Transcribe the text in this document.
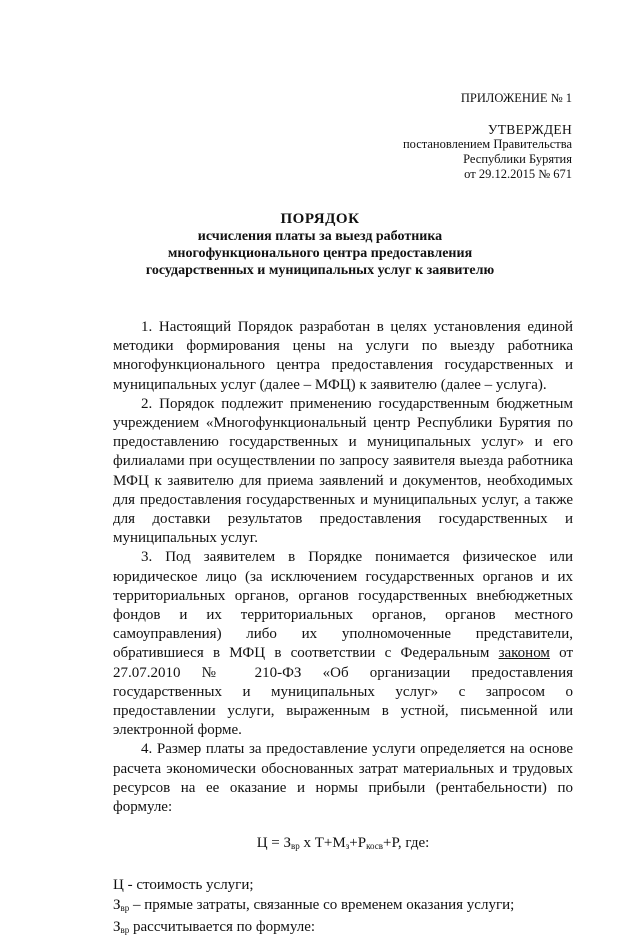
ПРИЛОЖЕНИЕ № 1
УТВЕРЖДЕН
постановлением Правительства
Республики Бурятия
от 29.12.2015 № 671
ПОРЯДОК
исчисления платы за выезд работника
многофункционального центра предоставления
государственных и муниципальных услуг к заявителю

1. Настоящий Порядок разработан в целях установления единой методики формирования цены на услуги по выезду работника многофункционального центра предоставления государственных и муниципальных услуг (далее – МФЦ) к заявителю (далее – услуга).

2. Порядок подлежит применению государственным бюджетным учреждением «Многофункциональный центр Республики Бурятия по предоставлению государственных и муниципальных услуг» и его филиалами при осуществлении по запросу заявителя выезда работника МФЦ к заявителю для приема заявлений и документов, необходимых для предоставления государственных и муниципальных услуг, а также для доставки результатов предоставления государственных и муниципальных услуг.

3. Под заявителем в Порядке понимается физическое или юридическое лицо (за исключением государственных органов и их территориальных органов, органов государственных внебюджетных фондов и их территориальных органов, органов местного самоуправления) либо их уполномоченные представители, обратившиеся в МФЦ в соответствии с Федеральным законом от 27.07.2010 № 210-ФЗ «Об организации предоставления государственных и муниципальных услуг» с запросом о предоставлении услуги, выраженным в устной, письменной или электронной форме.

4. Размер платы за предоставление услуги определяется на основе расчета экономически обоснованных затрат материальных и трудовых ресурсов на ее оказание и нормы прибыли (рентабельности) по формуле:

$Ц = З_{вр}$ х $Т+М_з+Р_{косв}+Р$, где:

Ц - стоимость услуги;

$З_{вр}$ – прямые затраты, связанные со временем оказания услуги;

$З_{вр}$ рассчитывается по формуле:
